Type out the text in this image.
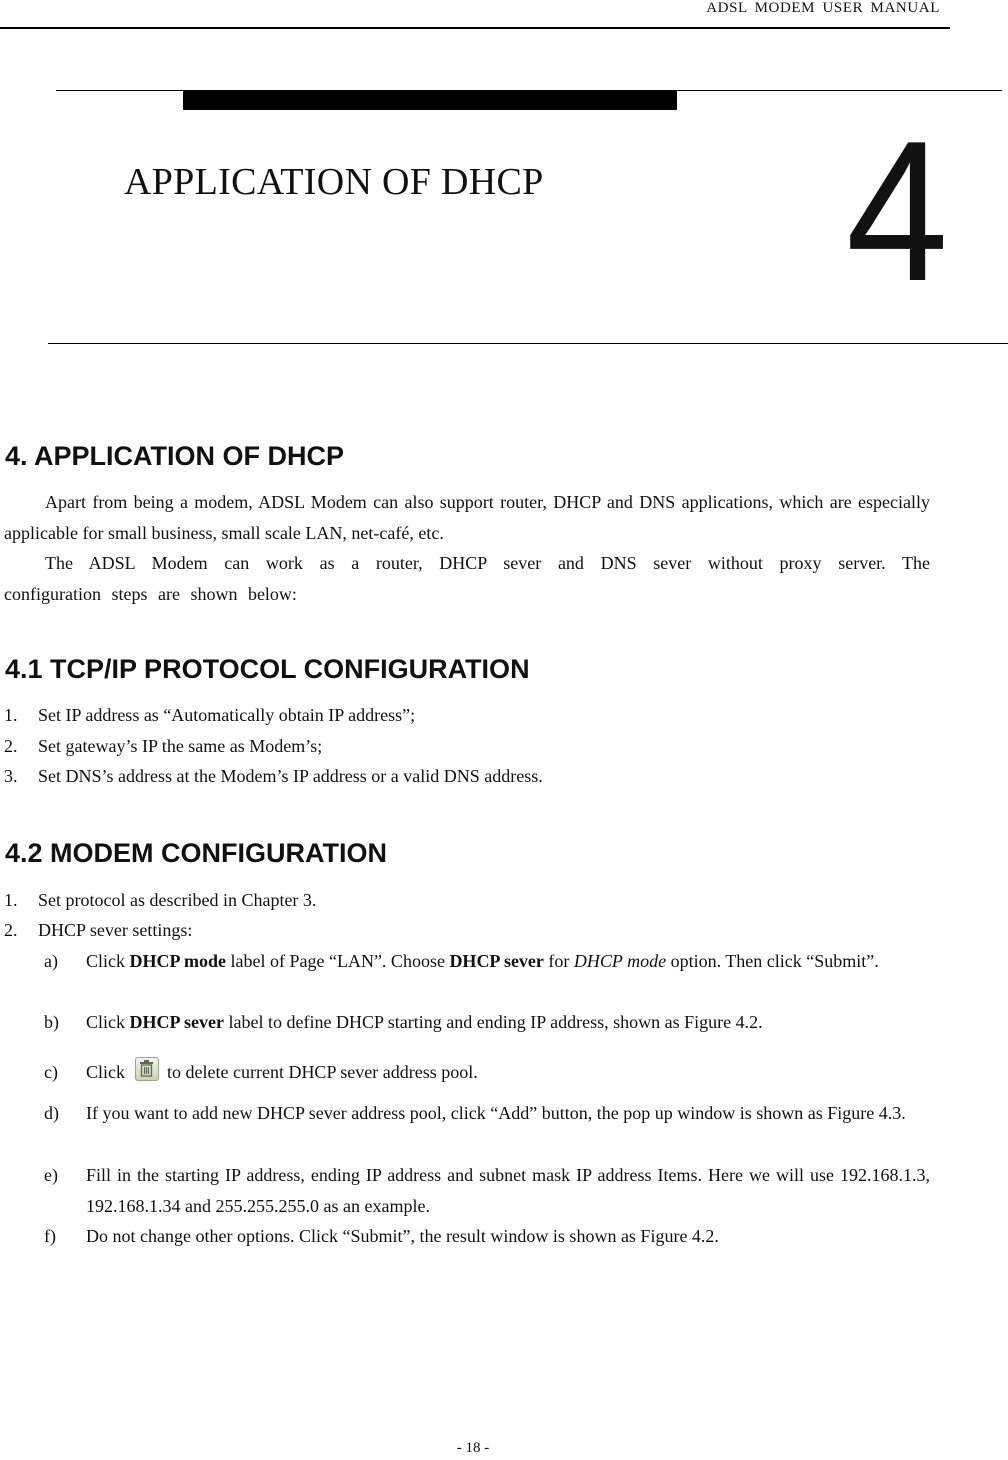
ADSL MODEM USER MANUAL
APPLICATION OF DHCP 4
4. APPLICATION OF DHCP
Apart from being a modem, ADSL Modem can also support router, DHCP and DNS applications, which are especially applicable for small business, small scale LAN, net-café, etc.
The ADSL Modem can work as a router, DHCP sever and DNS sever without proxy server. The configuration steps are shown below:
4.1 TCP/IP PROTOCOL CONFIGURATION
1. Set IP address as “Automatically obtain IP address”;
2. Set gateway’s IP the same as Modem’s;
3. Set DNS’s address at the Modem’s IP address or a valid DNS address.
4.2 MODEM CONFIGURATION
1. Set protocol as described in Chapter 3.
2. DHCP sever settings:
a) Click DHCP mode label of Page “LAN”. Choose DHCP sever for DHCP mode option. Then click “Submit”.
b) Click DHCP sever label to define DHCP starting and ending IP address, shown as Figure 4.2.
c) Click to delete current DHCP sever address pool.
d) If you want to add new DHCP sever address pool, click “Add” button, the pop up window is shown as Figure 4.3.
e) Fill in the starting IP address, ending IP address and subnet mask IP address Items. Here we will use 192.168.1.3, 192.168.1.34 and 255.255.255.0 as an example.
f) Do not change other options. Click “Submit”, the result window is shown as Figure 4.2.
- 18 -
